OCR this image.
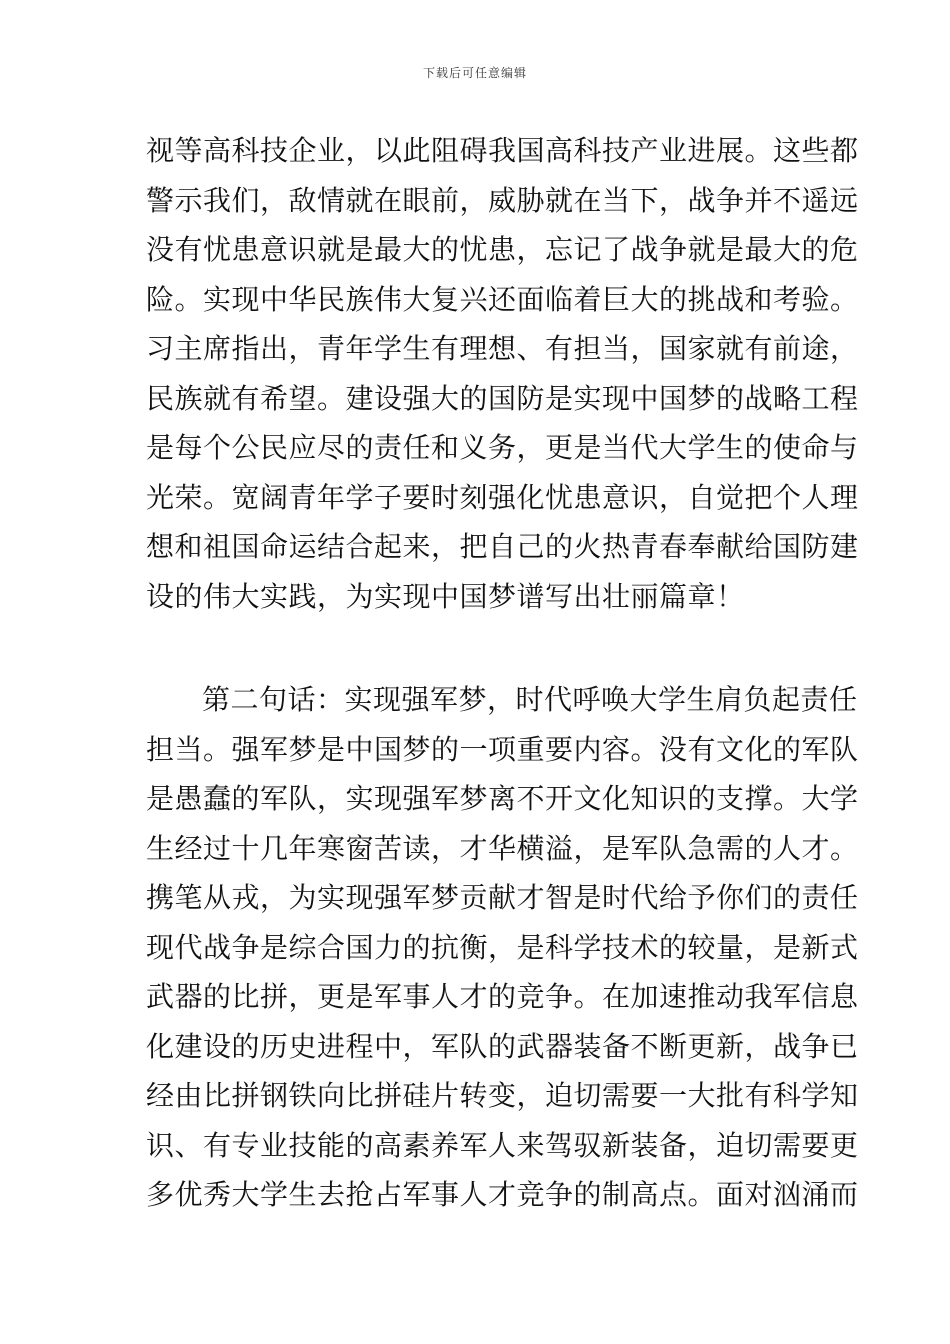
下载后可任意编辑
视等高科技企业，以此阻碍我国高科技产业进展。这些都
警示我们，敌情就在眼前，威胁就在当下，战争并不遥远
没有忧患意识就是最大的忧患，忘记了战争就是最大的危
险。实现中华民族伟大复兴还面临着巨大的挑战和考验。
习主席指出，青年学生有理想、有担当，国家就有前途，
民族就有希望。建设强大的国防是实现中国梦的战略工程
是每个公民应尽的责任和义务，更是当代大学生的使命与
光荣。宽阔青年学子要时刻强化忧患意识，自觉把个人理
想和祖国命运结合起来，把自己的火热青春奉献给国防建
设的伟大实践，为实现中国梦谱写出壮丽篇章！
第二句话：实现强军梦，时代呼唤大学生肩负起责任
担当。强军梦是中国梦的一项重要内容。没有文化的军队
是愚蠢的军队，实现强军梦离不开文化知识的支撑。大学
生经过十几年寒窗苦读，才华横溢，是军队急需的人才。
携笔从戎，为实现强军梦贡献才智是时代给予你们的责任
现代战争是综合国力的抗衡，是科学技术的较量，是新式
武器的比拼，更是军事人才的竞争。在加速推动我军信息
化建设的历史进程中，军队的武器装备不断更新，战争已
经由比拼钢铁向比拼硅片转变，迫切需要一大批有科学知
识、有专业技能的高素养军人来驾驭新装备，迫切需要更
多优秀大学生去抢占军事人才竞争的制高点。面对汹涌而
